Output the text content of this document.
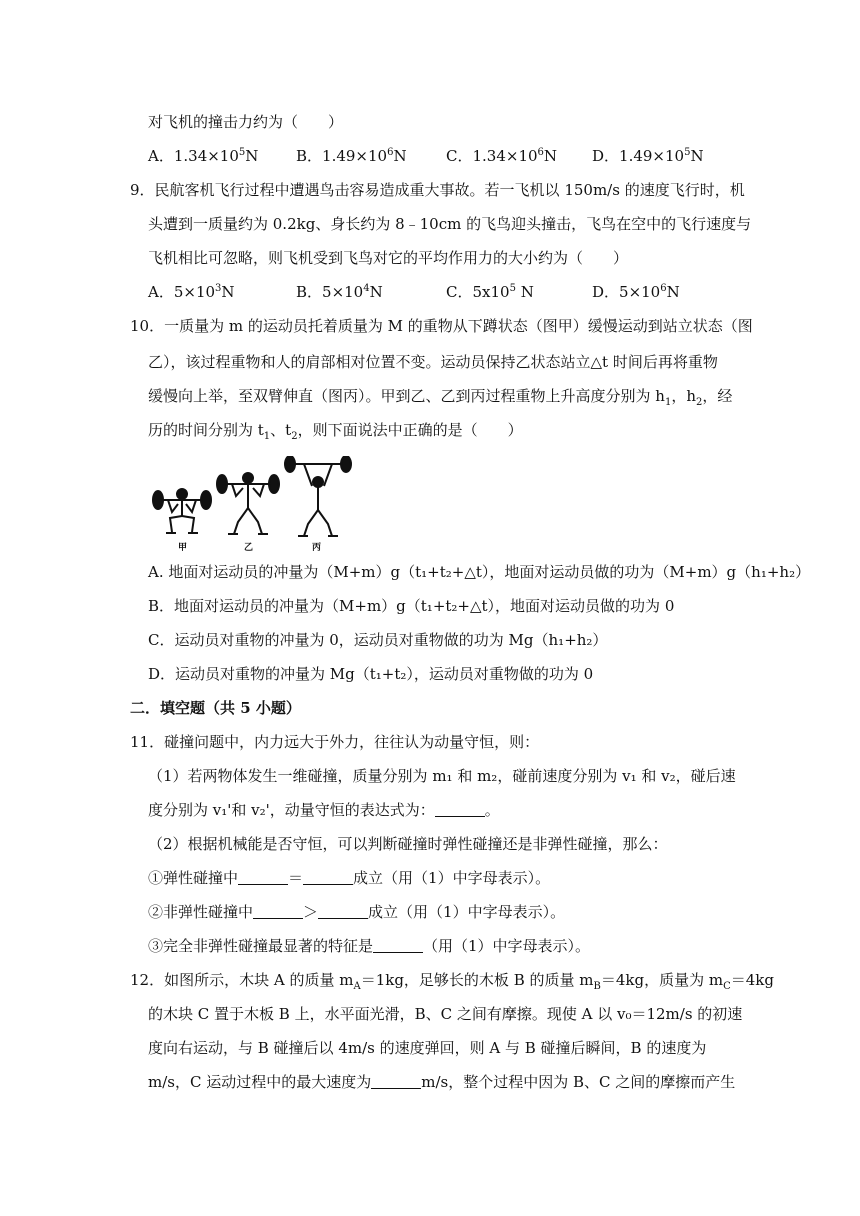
对飞机的撞击力约为（　　）
A．$1.34\times 10^5N$	B．$1.49\times 10^6N$	C．$1.34\times 10^6N$ D．$1.49\times 10^5N$
9．民航客机飞行过程中遭遇鸟击容易造成重大事故。若一飞机以 150m/s 的速度飞行时，机
头遭到一质量约为 0.2kg、身长约为 8﹣10cm 的飞鸟迎头撞击，飞鸟在空中的飞行速度与
飞机相比可忽略，则飞机受到飞鸟对它的平均作用力的大小约为（　　）
A．$5\times 10^3N$	B．$5\times 10^4N$	C．$5x10^5$ N	D．$5\times 10^6N$
10．一质量为 m 的运动员托着质量为 M 的重物从下蹲状态（图甲）缓慢运动到站立状态（图
乙），该过程重物和人的肩部相对位置不变。运动员保持乙状态站立△t 时间后再将重物
缓慢向上举，至双臂伸直（图丙）。甲到乙、乙到丙过程重物上升高度分别为 $h_1$，$h_2$，经
历的时间分别为 $t_1$、$t_2$，则下面说法中正确的是（　　）
甲	乙	丙
A. 地面对运动员的冲量为（M+m）g（t₁+t₂+△t），地面对运动员做的功为（M+m）g（h₁+h₂）
B．地面对运动员的冲量为（M+m）g（t₁+t₂+△t），地面对运动员做的功为 0
C．运动员对重物的冲量为 0，运动员对重物做的功为 Mg（h₁+h₂）
D．运动员对重物的冲量为 Mg（t₁+t₂），运动员对重物做的功为 0
二．填空题（共 5 小题）
11．碰撞问题中，内力远大于外力，往往认为动量守恒，则：
（1）若两物体发生一维碰撞，质量分别为 m₁ 和 m₂，碰前速度分别为 v₁ 和 v₂，碰后速
度分别为 v₁'和 v₂'，动量守恒的表达式为：	。
（2）根据机械能是否守恒，可以判断碰撞时弹性碰撞还是非弹性碰撞，那么：
①弹性碰撞中	＝	成立（用（1）中字母表示）。
②非弹性碰撞中	＞	成立（用（1）中字母表示）。
③完全非弹性碰撞最显著的特征是	（用（1）中字母表示）。
12．如图所示，木块 A 的质量 $m_A=1kg$，足够长的木板 B 的质量 $m_B=4kg$，质量为 $m_C=4kg$
的木块 C 置于木板 B 上，水平面光滑，B、C 之间有摩擦。现使 A 以 v₀＝12m/s 的初速
度向右运动，与 B 碰撞后以 4m/s 的速度弹回，则 A 与 B 碰撞后瞬间，B 的速度为
m/s，C 运动过程中的最大速度为	m/s，整个过程中因为 B、C 之间的摩擦而产生
